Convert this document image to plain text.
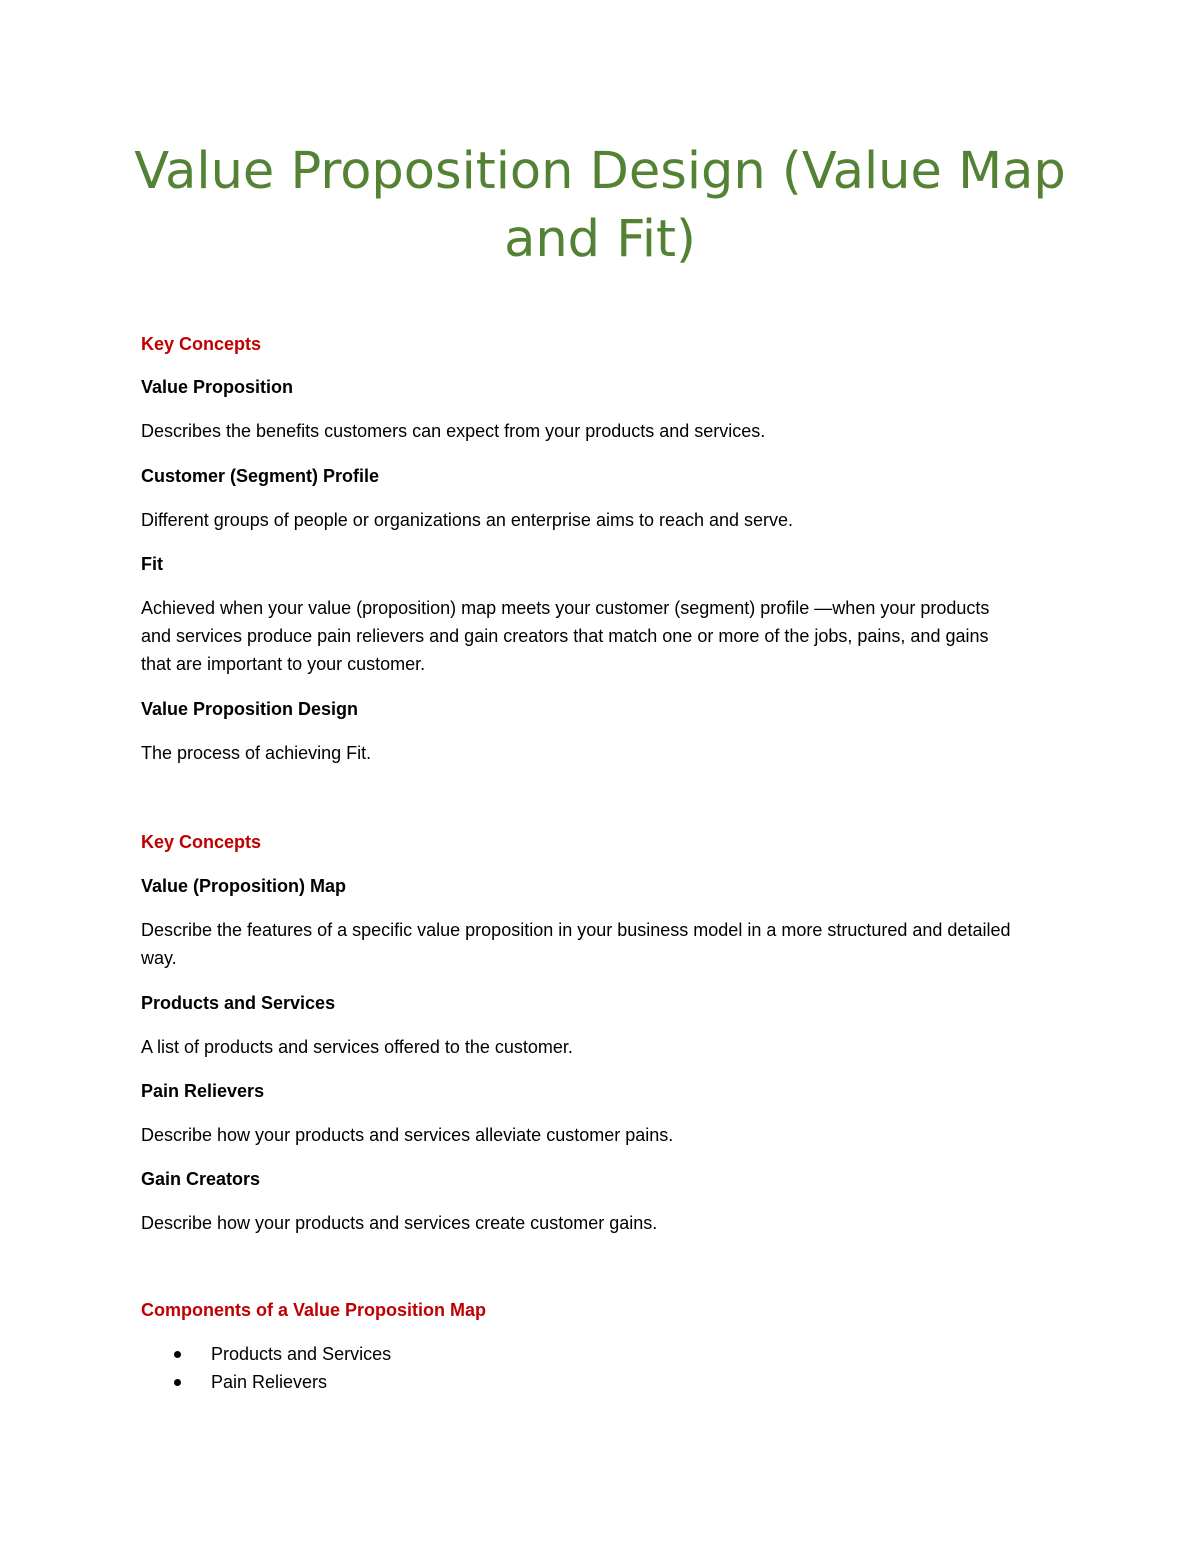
Value Proposition Design (Value Map and Fit)

Key Concepts

Value Proposition

Describes the benefits customers can expect from your products and services.

Customer (Segment) Profile

Different groups of people or organizations an enterprise aims to reach and serve.

Fit

Achieved when your value (proposition) map meets your customer (segment) profile —when your products and services produce pain relievers and gain creators that match one or more of the jobs, pains, and gains that are important to your customer.

Value Proposition Design

The process of achieving Fit.

Key Concepts

Value (Proposition) Map

Describe the features of a specific value proposition in your business model in a more structured and detailed way.

Products and Services

A list of products and services offered to the customer.

Pain Relievers

Describe how your products and services alleviate customer pains.

Gain Creators

Describe how your products and services create customer gains.

Components of a Value Proposition Map

Products and Services
Pain Relievers
